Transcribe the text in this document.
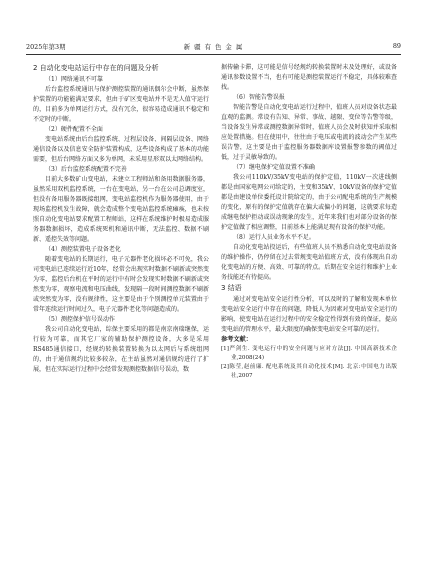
2025年第3期	新 疆 有 色 金 属	89

2 自动化变电站运行中存在的问题及分析

（1）网络通讯不可靠

后台监控系统通讯与保护测控装置的通讯偶尔会中断，虽然保护装置的功能能满足要求，但由于矿区变电站并不是无人值守运行的，目前多为单网运行方式，没有冗余，很容易造成通讯不稳定和不定时的中断。

（2）硬件配置不全面

变电站系统由后台监控系统、过程层设备、间隔层设备、网络通信设备以及信息安全防护装置构成，这些设备构成了基本的功能需要，但后台网络方面又多为单网，未采用星形双以太网络结构。

（3）后台监控系统配置不完善

目前大多数矿山变电站，未建立工程师站和备用数据服务器，虽然采用双机监控系统，一台在变电站，另一台在公司总调度室，但没有备用服务器既接组网，变电站监控机作为服务器使用，由于现场监控机发生故障，就会造成整个变电站监控系统瘫痪，也未按照自动化变电站要求配置工程师站，这样在系统维护时极易造成服务器数据损坏，造成系统死机和通讯中断，无法监控、数据不刷新、遥控失效等问题。

（4）测控装置电子设备老化

随着变电站的长期运行，电子元器件老化损坏必不可免，我公司变电站已连续运行近10年，经常会出现实时数据不刷新或突然变为零，监控后台机在平时的运行中有时会发现实时数据不刷新或突然变为零，观察电流和电压曲线，发现隔一段时间测控数据不刷新或突然变为零，没有规律性，这主要是由于个别测控单元装置由于常年连续运行时间过久，电子元器件老化等问题造成的。

（5）测控保护信号误动作

我公司自动化变电站，综保主要采用的都是南京南瑞继保，运行较为可靠，而其它厂家的辅助保护测控设备，大多是采用RS485通信接口，经规约转换装置转换为以太网后与系统组网的，由于通信规约比较多较杂，在主站虽然对通信规约进行了扩展，但在实际运行过程中会经常发现测控数据信号误动，数

据传输卡滞，这可能是信号经规约转换装置时未及处理好，或设备通讯参数设置不当，也有可能是测控装置运行不稳定，具体较难查找。

（6）智能告警误报

智能告警是自动化变电站运行过程中，值班人员对设备状态最直观的监测。常设有告知、异常、事故、越限、变位等告警等级，当设备发生异常或测控数据异常时，值班人员会及时获知并采取相应处置措施。但在使用中，往往由于电压或电流的波动会产生某些误告警，这主要是由于监控服务器数据库设置报警参数的阈值过低，过于灵敏导致的。

（7）继电保护定值设置不准确

我公司110kV/35kV变电站的保护定值，110kV一次进线侧都是由国家电网公司给定的，主变和35kV、10kV设备的保护定值都是由建设单位委托设计院给定的，由于公司配电系统的生产规模的变化，原有的保护定值就存在偏大或偏小的问题，这就要求每造成继电保护拒动或误动现象的发生，近年来我们也对部分设备的保护定值做了相应调整，目前基本上能满足现有设备的保护功能。

（8）运行人员业务水平不足。

自动化变电站投运后，有些值班人员不熟悉自动化变电站设备的维护操作，仍停留在过去常规变电站值班方式，没有体现出自动化变电站的方便、高效、可靠的特点。后期在安全运行和维护上业务技能还有待提高。

3 结语

通过对变电站安全运行性分析，可以及时的了解和发现本单位变电站安全运行中存在的问题，降低人为因素对变电站安全运行的影响，使变电站在运行过程中的安全稳定性得到有效的保证，提高变电站的管理水平，最大限度的确保变电站安全可靠的运行。

参考文献：

[1]严剑生. 变电运行中的安全问题与应对方法[J]. 中国高新技术企业,2008(24)

[2]陈莹,赵前廉. 配电系统及其自动化技术[M]. 北京:中国电力出版社,2007
